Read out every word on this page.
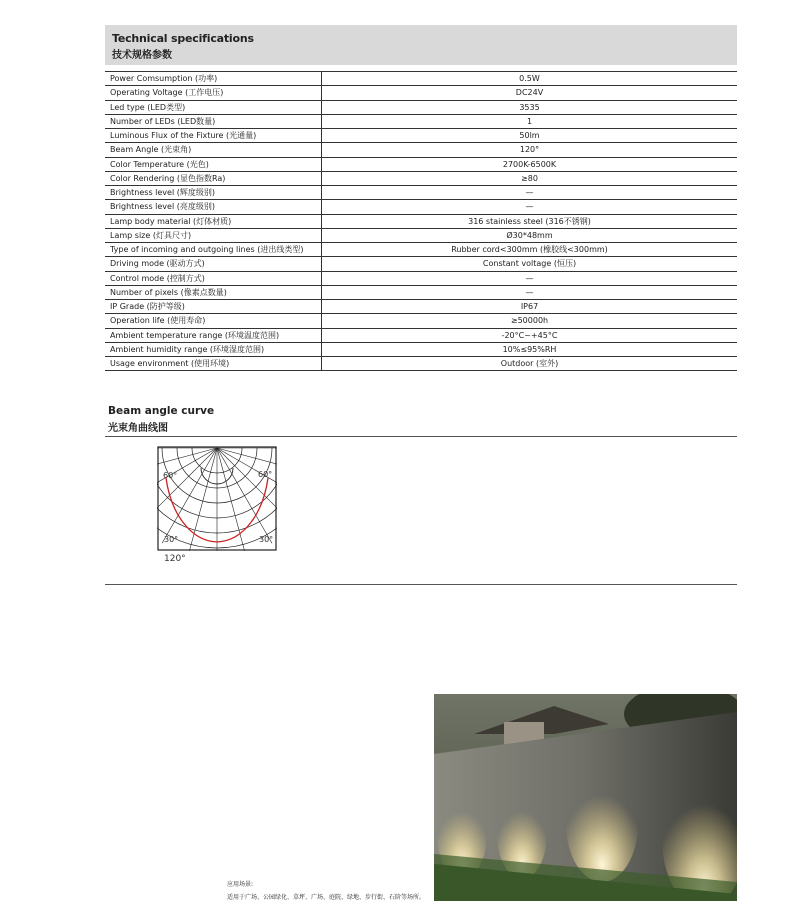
Technical specifications
技术规格参数
Power Comsumption (功率)	0.5W
Operating Voltage (工作电压)	DC24V
Led type (LED类型)	3535
Number of LEDs (LED数量)	1
Luminous Flux of the Fixture (光通量)	50lm
Beam Angle (光束角)	120°
Color Temperature (光色)	2700K-6500K
Color Rendering (显色指数Ra)	≥80
Brightness level (辉度级别)	—
Brightness level (亮度级别)	—
Lamp body material (灯体材质)	316 stainless steel (316不锈钢)
Lamp size (灯具尺寸)	Ø30*48mm
Type of incoming and outgoing lines (进出线类型)	Rubber cord<300mm (橡胶线<300mm)
Driving mode (驱动方式)	Constant voltage (恒压)
Control mode (控制方式)	—
Number of pixels (像素点数量)	—
IP Grade (防护等级)	IP67
Operation life (使用寿命)	≥50000h
Ambient temperature range (环境温度范围)	-20°C~+45°C
Ambient humidity range (环境湿度范围)	10%≤95%RH
Usage environment (使用环境)	Outdoor (室外)
Beam angle curve
光束角曲线图
60°	60°
30°	30°
120°
应用场景:
适用于广场、公园绿化、草坪、广场、庭院、绿地、步行街、石阶等场所。
